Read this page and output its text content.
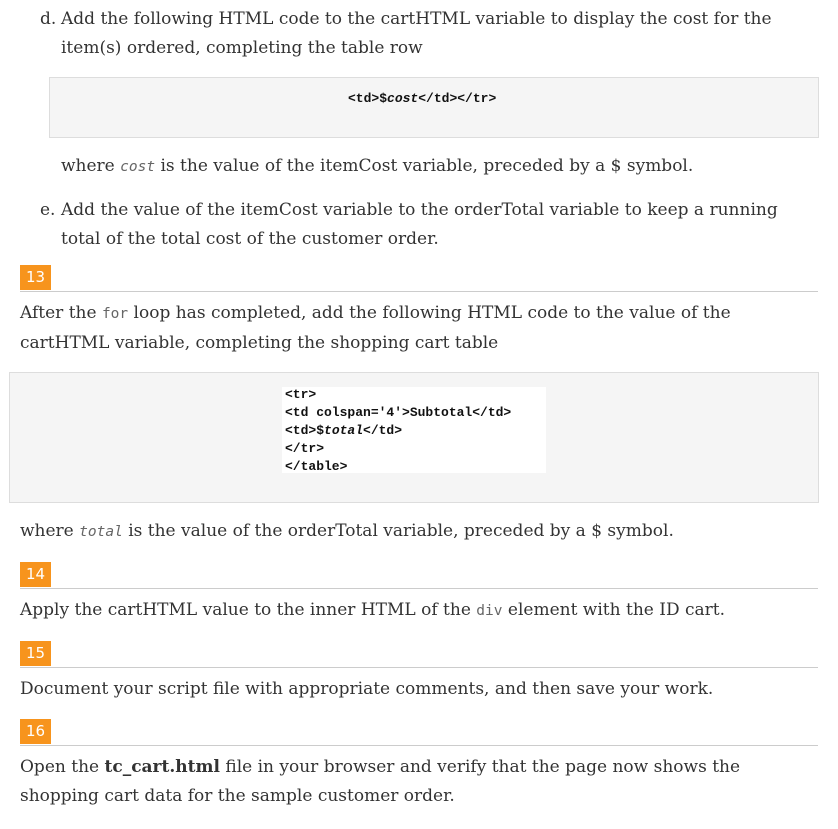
d. Add the following HTML code to the cartHTML variable to display the cost for the item(s) ordered, completing the table row
<td>$cost</td></tr>
where cost is the value of the itemCost variable, preceded by a $ symbol.
e. Add the value of the itemCost variable to the orderTotal variable to keep a running total of the total cost of the customer order.
13
After the for loop has completed, add the following HTML code to the value of the cartHTML variable, completing the shopping cart table
<tr>
<td colspan='4'>Subtotal</td>
<td>$total</td>
</tr>
</table>
where total is the value of the orderTotal variable, preceded by a $ symbol.
14
Apply the cartHTML value to the inner HTML of the div element with the ID cart.
15
Document your script file with appropriate comments, and then save your work.
16
Open the tc_cart.html file in your browser and verify that the page now shows the shopping cart data for the sample customer order.
